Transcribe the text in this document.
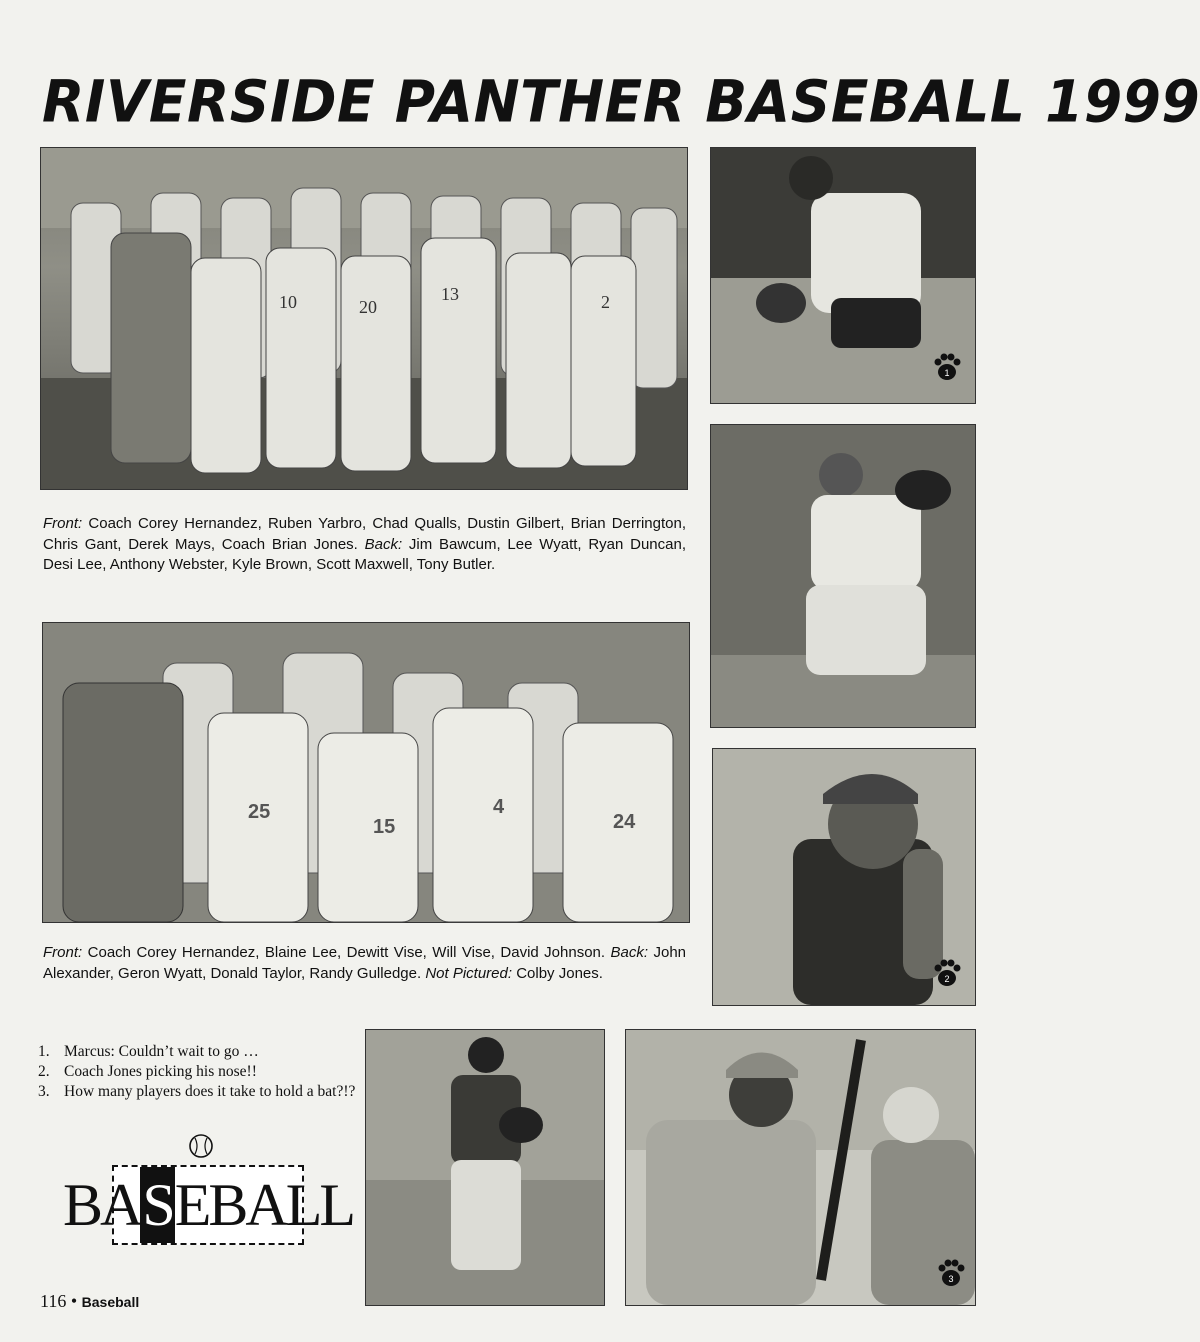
RIVERSIDE PANTHER BASEBALL 1999
10	20
13	2
Front: Coach Corey Hernandez, Ruben Yarbro, Chad Qualls, Dustin Gilbert, Brian Derrington, Chris Gant, Derek Mays, Coach Brian Jones. Back: Jim Bawcum, Lee Wyatt, Ryan Duncan, Desi Lee, Anthony Webster, Kyle Brown, Scott Maxwell, Tony Butler.
25
15
4
24
Front: Coach Corey Hernandez, Blaine Lee, Dewitt Vise, Will Vise, David Johnson. Back: John Alexander, Geron Wyatt, Donald Taylor, Randy Gulledge. Not Pictured: Colby Jones.
1
2
3
1. Marcus: Couldn’t wait to go …
2. Coach Jones picking his nose!!
3. How many players does it take to hold a bat?!?
BA S EBALL
116 • Baseball
